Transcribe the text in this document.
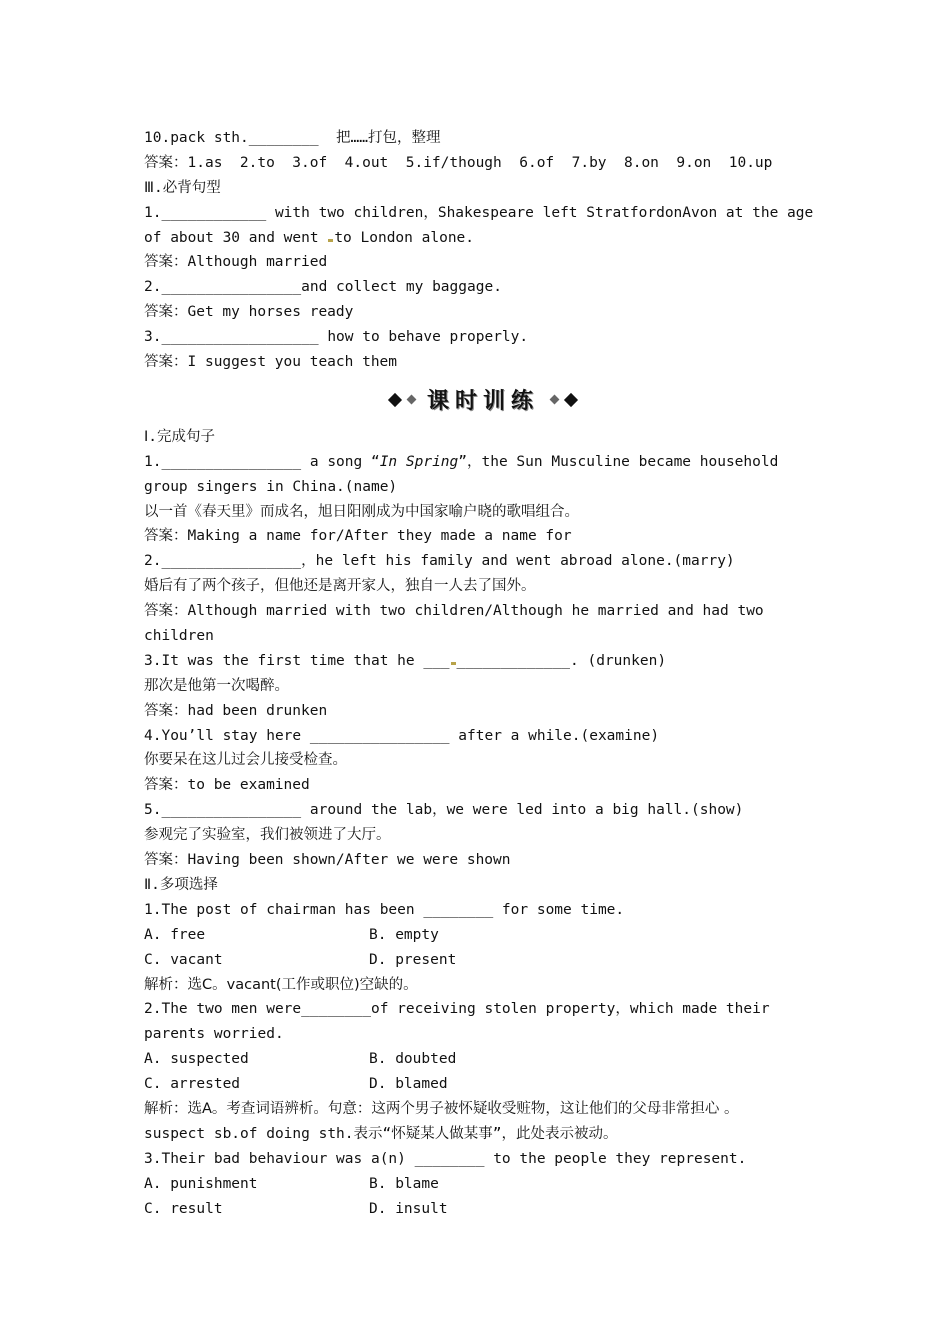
10.pack sth.________  把……打包，整理
答案：1.as  2.to  3.of  4.out  5.if/though  6.of  7.by  8.on  9.on  10.up
Ⅲ.必背句型
1.____________ with two children，Shakespeare left StratfordonAvon at the age
of about 30 and went to London alone.
答案：Although married
2.________________and collect my baggage.
答案：Get my horses ready
3.__________________ how to behave properly.
答案：I suggest you teach them
课时训练
Ⅰ.完成句子
1.________________ a song “In Spring”，the Sun Musculine became household
group singers in China.(name)
以一首《春天里》而成名，旭日阳刚成为中国家喻户晓的歌唱组合。
答案：Making a name for/After they made a name for
2.________________，he left his family and went abroad alone.(marry)
婚后有了两个孩子，但他还是离开家人，独自一人去了国外。
答案：Although married with two children/Although he married and had two
children
3.It was the first time that he ___ _____________. (drunken)
那次是他第一次喝醉。
答案：had been drunken
4.You’ll stay here ________________ after a while.(examine)
你要呆在这儿过会儿接受检查。
答案：to be examined
5.________________ around the lab，we were led into a big hall.(show)
参观完了实验室，我们被领进了大厅。
答案：Having been shown/After we were shown
Ⅱ.多项选择
1.The post of chairman has been ________ for some time.
A. free	B. empty
C. vacant	D. present
解析：选C。vacant(工作或职位)空缺的。
2.The two men were________of receiving stolen property，which made their
parents worried.
A. suspected	B. doubted
C. arrested	D. blamed
解析：选A。考查词语辨析。句意：这两个男子被怀疑收受赃物，这让他们的父母非常担心 。
suspect sb.of doing sth.表示“怀疑某人做某事”，此处表示被动。
3.Their bad behaviour was a(n) ________ to the people they represent.
A. punishment	B. blame
C. result	D. insult
